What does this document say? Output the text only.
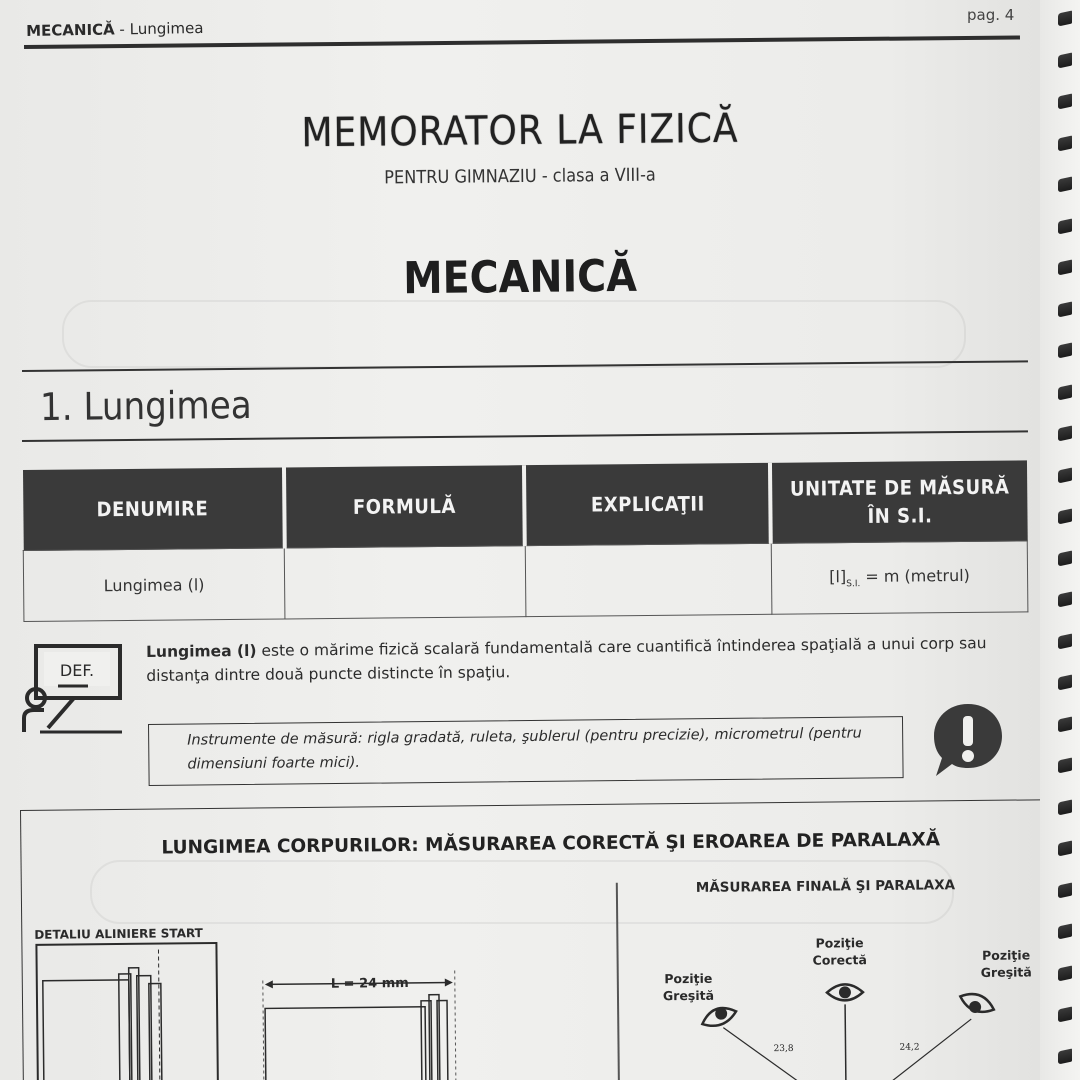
​
MECANICĂ - Lungimea
pag. 4
MEMORATOR LA FIZICĂ
PENTRU GIMNAZIU - clasa a VIII-a
MECANICĂ
1. Lungimea
DENUMIRE	FORMULĂ	EXPLICAŢII	UNITATE DE MĂSURĂ
ÎN S.I.
Lungimea (l)			$[l]_{S.I.} = m$ (metrul)
DEF.
Lungimea (l) este o mărime fizică scalară fundamentală care cuantifică întinderea spaţială a unui corp sau distanţa dintre două puncte distincte în spaţiu.
Instrumente de măsură: rigla gradată, ruleta, şublerul (pentru precizie), micrometrul (pentru dimensiuni foarte mici).
LUNGIMEA CORPURILOR: MĂSURAREA CORECTĂ ŞI EROAREA DE PARALAXĂ
DETALIU ALINIERE START
L = 24 mm
MĂSURAREA FINALĂ ŞI PARALAXA
Poziţie
Greşită
Poziţie
Corectă	Poziţie
Greşită
23,8	24,2
